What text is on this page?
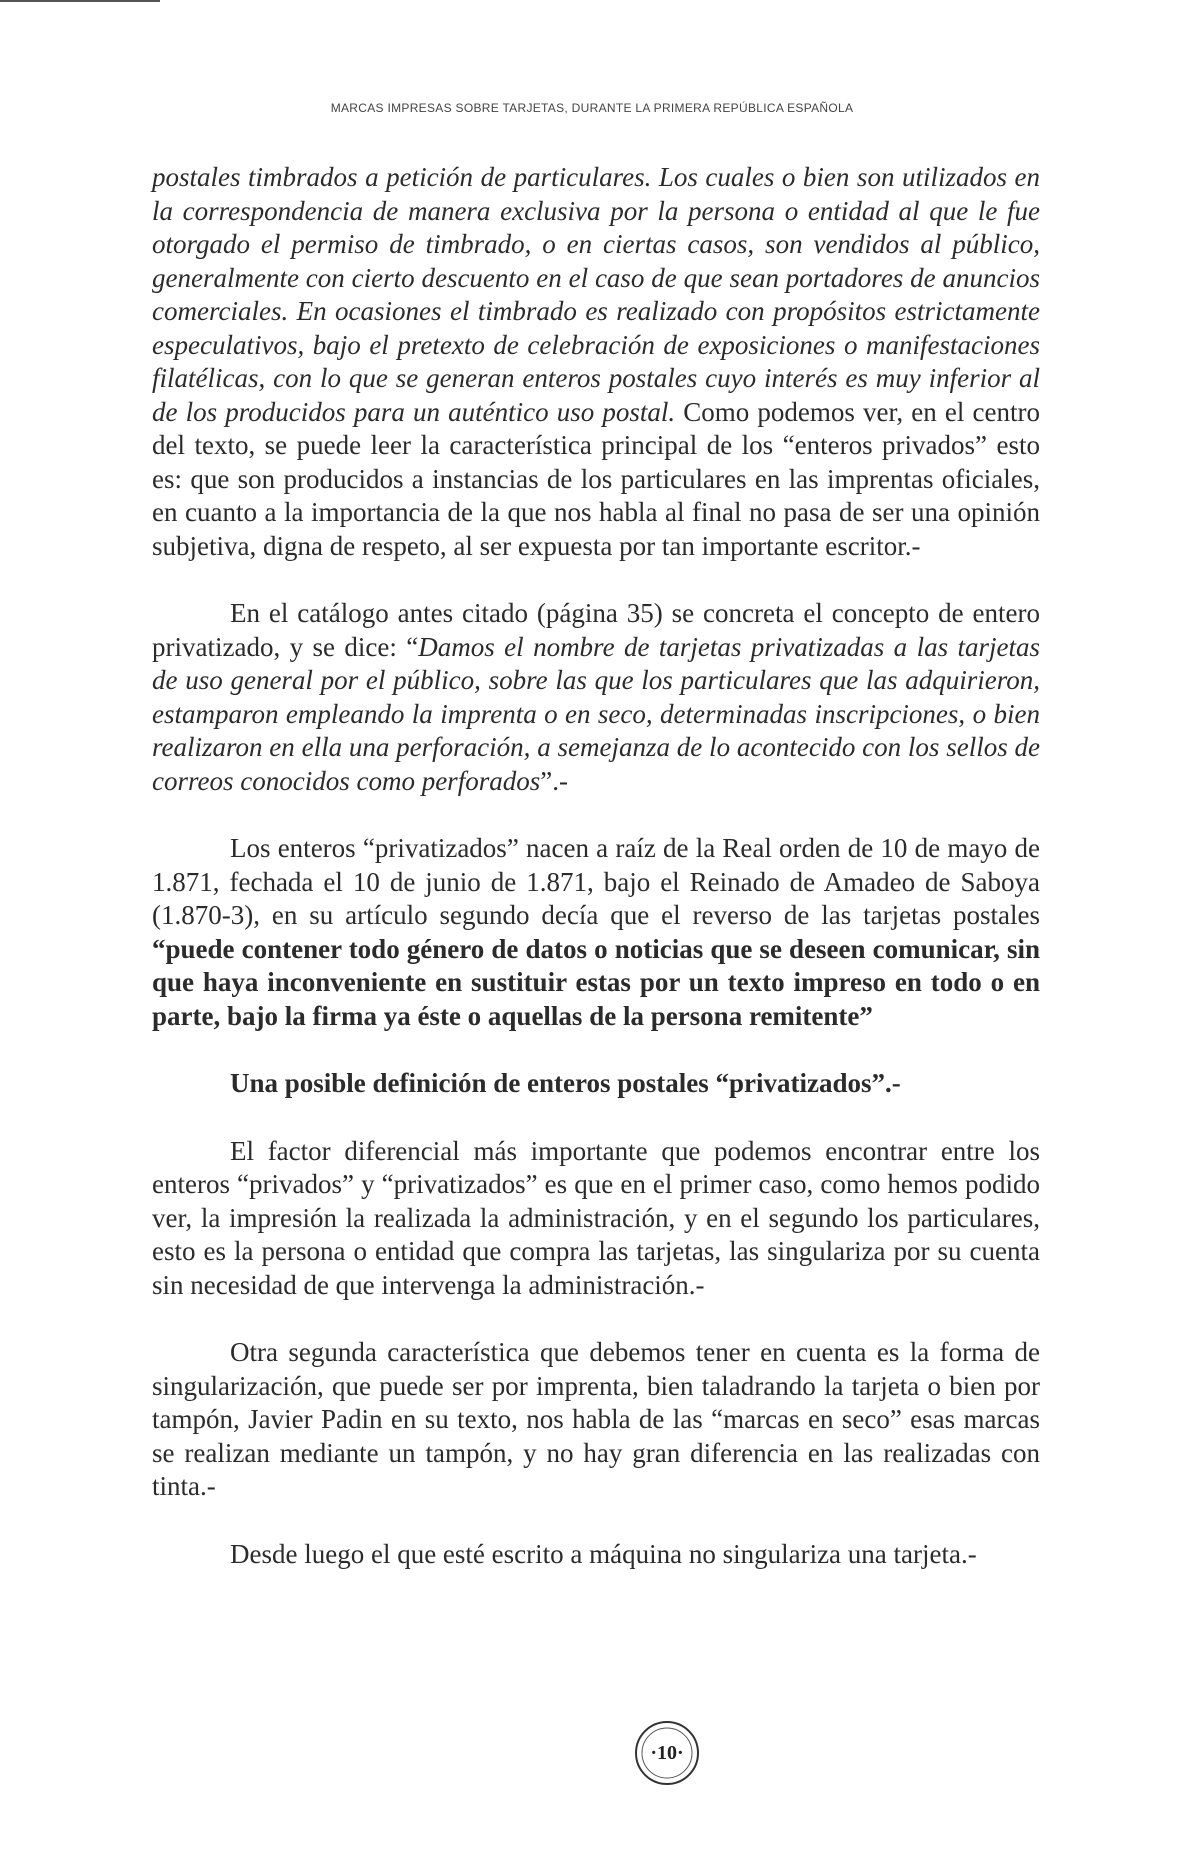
MARCAS IMPRESAS SOBRE TARJETAS, DURANTE LA PRIMERA REPÚBLICA ESPAÑOLA

postales timbrados a petición de particulares. Los cuales o bien son utilizados en la correspondencia de manera exclusiva por la persona o entidad al que le fue otorgado el permiso de timbrado, o en ciertas casos, son vendidos al público, generalmente con cierto descuento en el caso de que sean portadores de anuncios comerciales. En ocasiones el timbrado es realizado con propósitos estrictamente especulativos, bajo el pretexto de celebración de exposiciones o manifestaciones filatélicas, con lo que se generan enteros postales cuyo interés es muy inferior al de los producidos para un auténtico uso postal. Como podemos ver, en el centro del texto, se puede leer la característica principal de los “enteros privados” esto es: que son producidos a instancias de los particulares en las imprentas oficiales, en cuanto a la importancia de la que nos habla al final no pasa de ser una opinión subjetiva, digna de respeto, al ser expuesta por tan importante escritor.-

En el catálogo antes citado (página 35) se concreta el concepto de entero privatizado, y se dice: “Damos el nombre de tarjetas privatizadas a las tarjetas de uso general por el público, sobre las que los particulares que las adquirieron, estamparon empleando la imprenta o en seco, determinadas inscripciones, o bien realizaron en ella una perforación, a semejanza de lo acontecido con los sellos de correos conocidos como perforados”.-

Los enteros “privatizados” nacen a raíz de la Real orden de 10 de mayo de 1.871, fechada el 10 de junio de 1.871, bajo el Reinado de Amadeo de Saboya (1.870-3), en su artículo segundo decía que el reverso de las tarjetas postales “puede contener todo género de datos o noticias que se deseen comunicar, sin que haya inconveniente en sustituir estas por un texto impreso en todo o en parte, bajo la firma ya éste o aquellas de la persona remitente”

Una posible definición de enteros postales “privatizados”.-

El factor diferencial más importante que podemos encontrar entre los enteros “privados” y “privatizados” es que en el primer caso, como hemos podido ver, la impresión la realizada la administración, y en el segundo los particulares, esto es la persona o entidad que compra las tarjetas, las singulariza por su cuenta sin necesidad de que intervenga la administración.-

Otra segunda característica que debemos tener en cuenta es la forma de singularización, que puede ser por imprenta, bien taladrando la tarjeta o bien por tampón, Javier Padin en su texto, nos habla de las “marcas en seco” esas marcas se realizan mediante un tampón, y no hay gran diferencia en las realizadas con tinta.-

Desde luego el que esté escrito a máquina no singulariza una tarjeta.-

·10·
